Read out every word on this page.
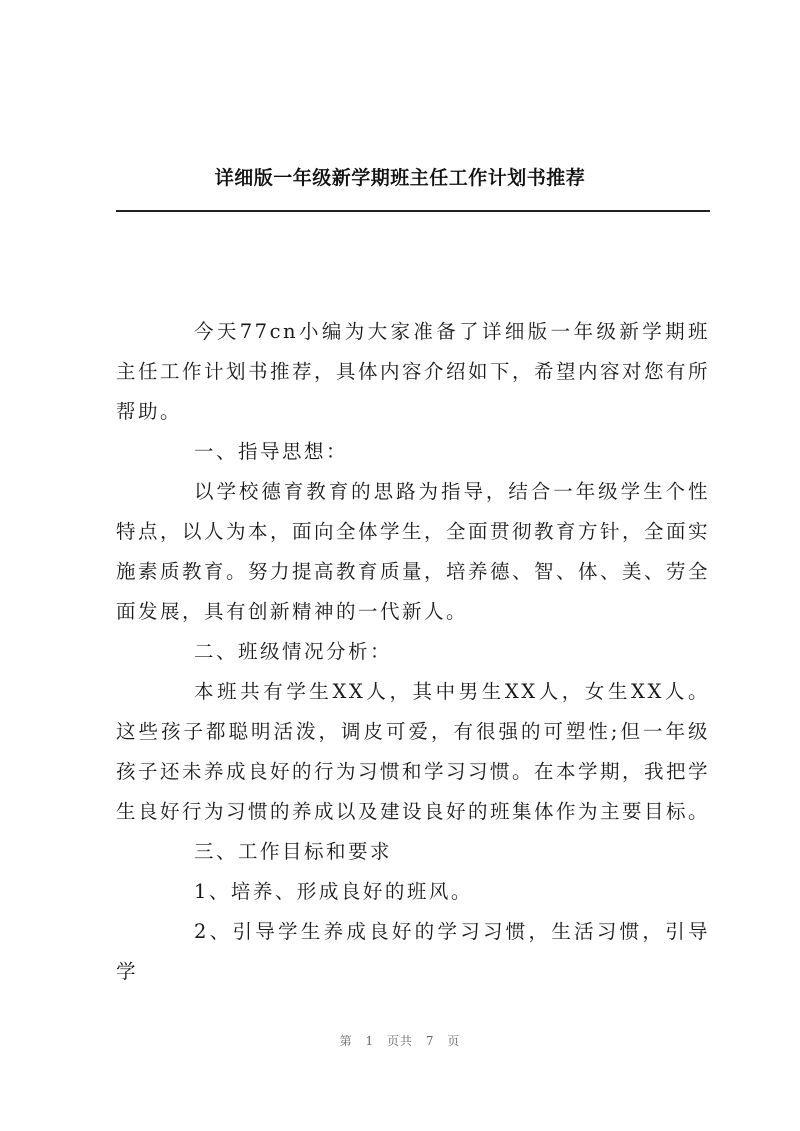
详细版一年级新学期班主任工作计划书推荐

今天77cn小编为大家准备了详细版一年级新学期班主任工作计划书推荐，具体内容介绍如下，希望内容对您有所帮助。

一、指导思想：

以学校德育教育的思路为指导，结合一年级学生个性特点，以人为本，面向全体学生，全面贯彻教育方针，全面实施素质教育。努力提高教育质量，培养德、智、体、美、劳全面发展，具有创新精神的一代新人。

二、班级情况分析：

本班共有学生XX人，其中男生XX人，女生XX人。这些孩子都聪明活泼，调皮可爱，有很强的可塑性;但一年级孩子还未养成良好的行为习惯和学习习惯。在本学期，我把学生良好行为习惯的养成以及建设良好的班集体作为主要目标。

三、工作目标和要求

1、培养、形成良好的班风。

2、引导学生养成良好的学习习惯，生活习惯，引导学

第 1 页共 7 页
